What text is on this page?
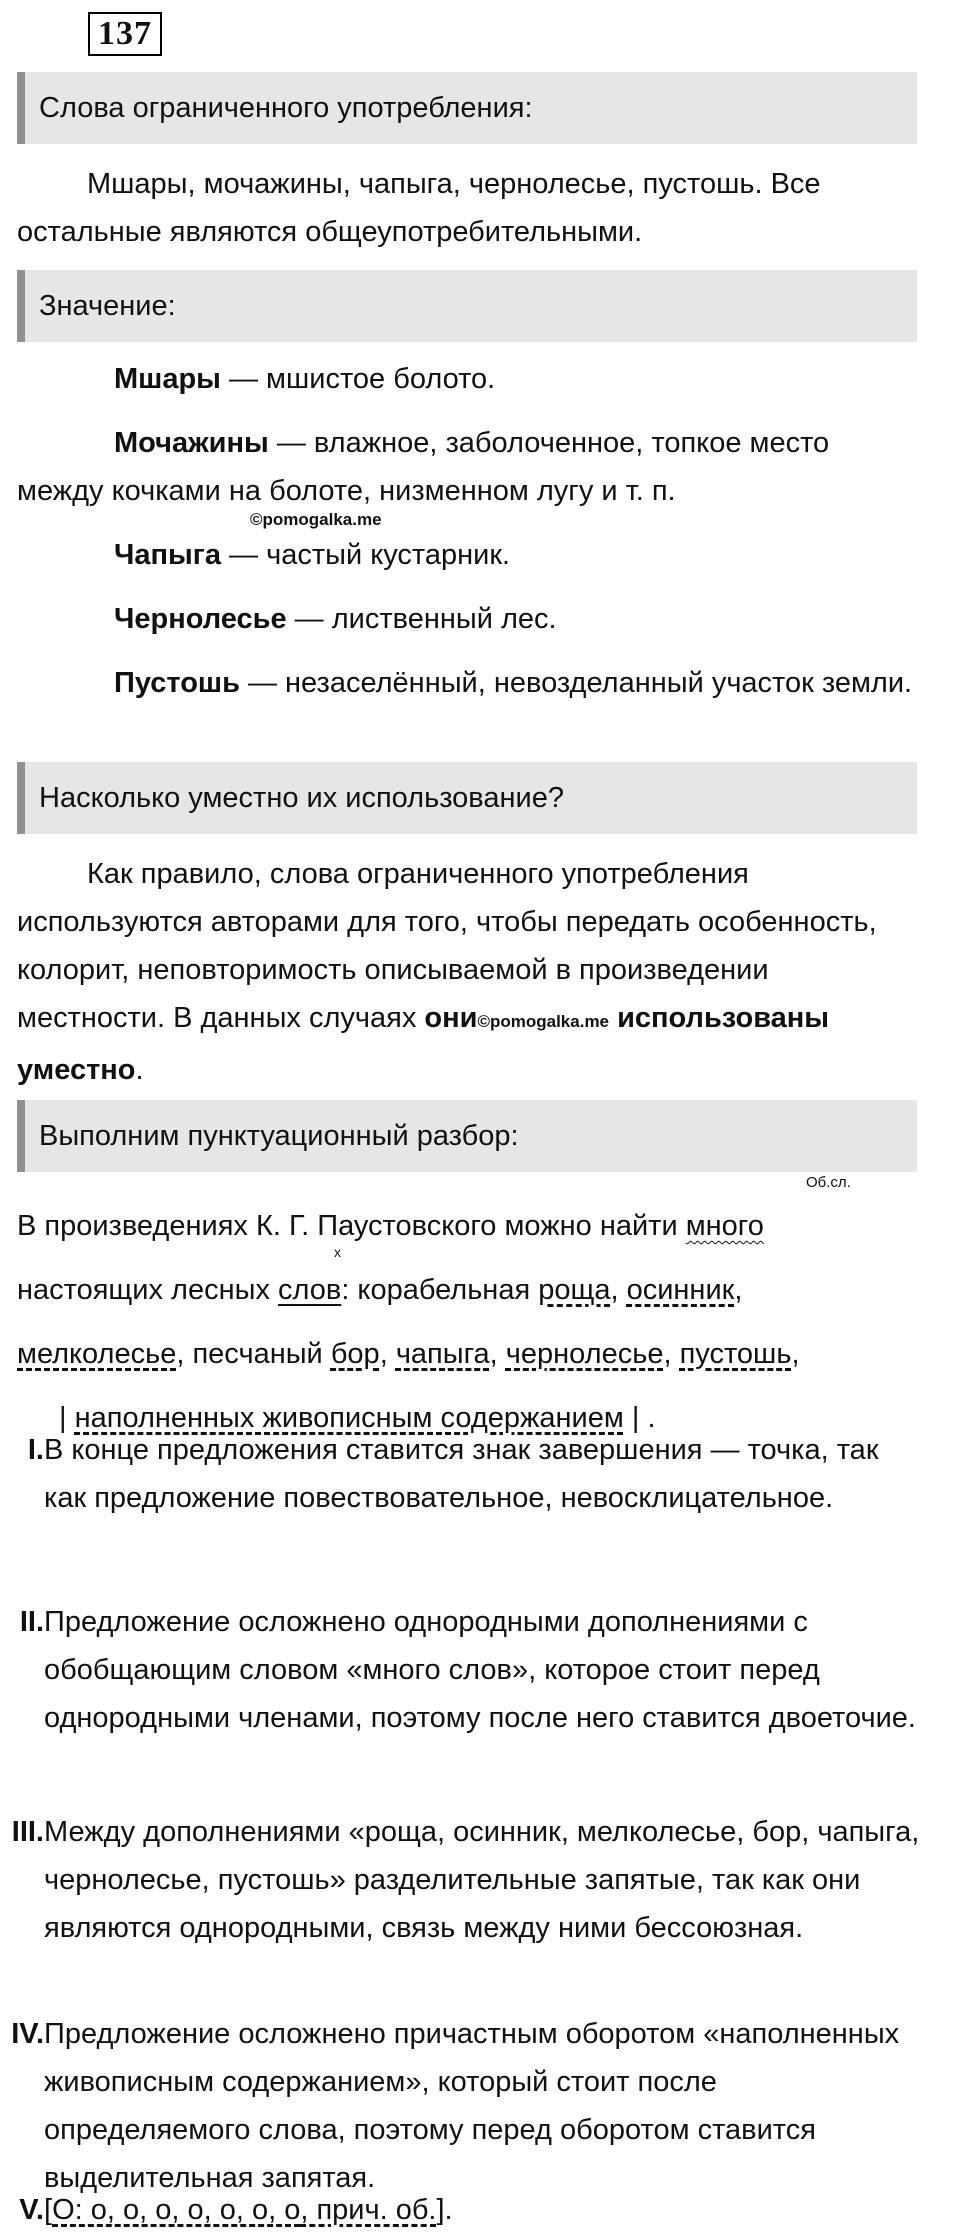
137
Слова ограниченного употребления:

Мшары, мочажины, чапыга, чернолесье, пустошь. Все остальные являются общеупотребительными.

Значение:

Мшары — мшистое болото.

Мочажины — влажное, заболоченное, топкое место между кочками на болоте, низменном лугу и т. п.

Чапыга — частый кустарник.

Чернолесье — лиственный лес.

Пустошь — незаселённый, невозделанный участок земли.

©pomogalka.me
Насколько уместно их использование?

Как правило, слова ограниченного употребления используются авторами для того, чтобы передать особенность, колорит, неповторимость описываемой в произведении местности. В данных случаях они©pomogalka.me использованы уместно.

Выполним пунктуационный разбор:
Об.сл.
x
В произведениях К. Г. Паустовского можно найти много
настоящих лесных слов: корабельная роща, осинник,
мелколесье, песчаный бор, чапыга, чернолесье, пустошь,
| наполненных живописным содержанием | .
I. В конце предложения ставится знак завершения — точка, так как предложение повествовательное, невосклицательное.
II. Предложение осложнено однородными дополнениями с обобщающим словом «много слов», которое стоит перед однородными членами, поэтому после него ставится двоеточие.
III. Между дополнениями «роща, осинник, мелколесье, бор, чапыга, чернолесье, пустошь» разделительные запятые, так как они являются однородными, связь между ними бессоюзная.
IV. Предложение осложнено причастным оборотом «наполненных живописным содержанием», который стоит после определяемого слова, поэтому перед оборотом ставится выделительная запятая.
V. [О: о, о, о, о, о, о, о, прич. об.].
